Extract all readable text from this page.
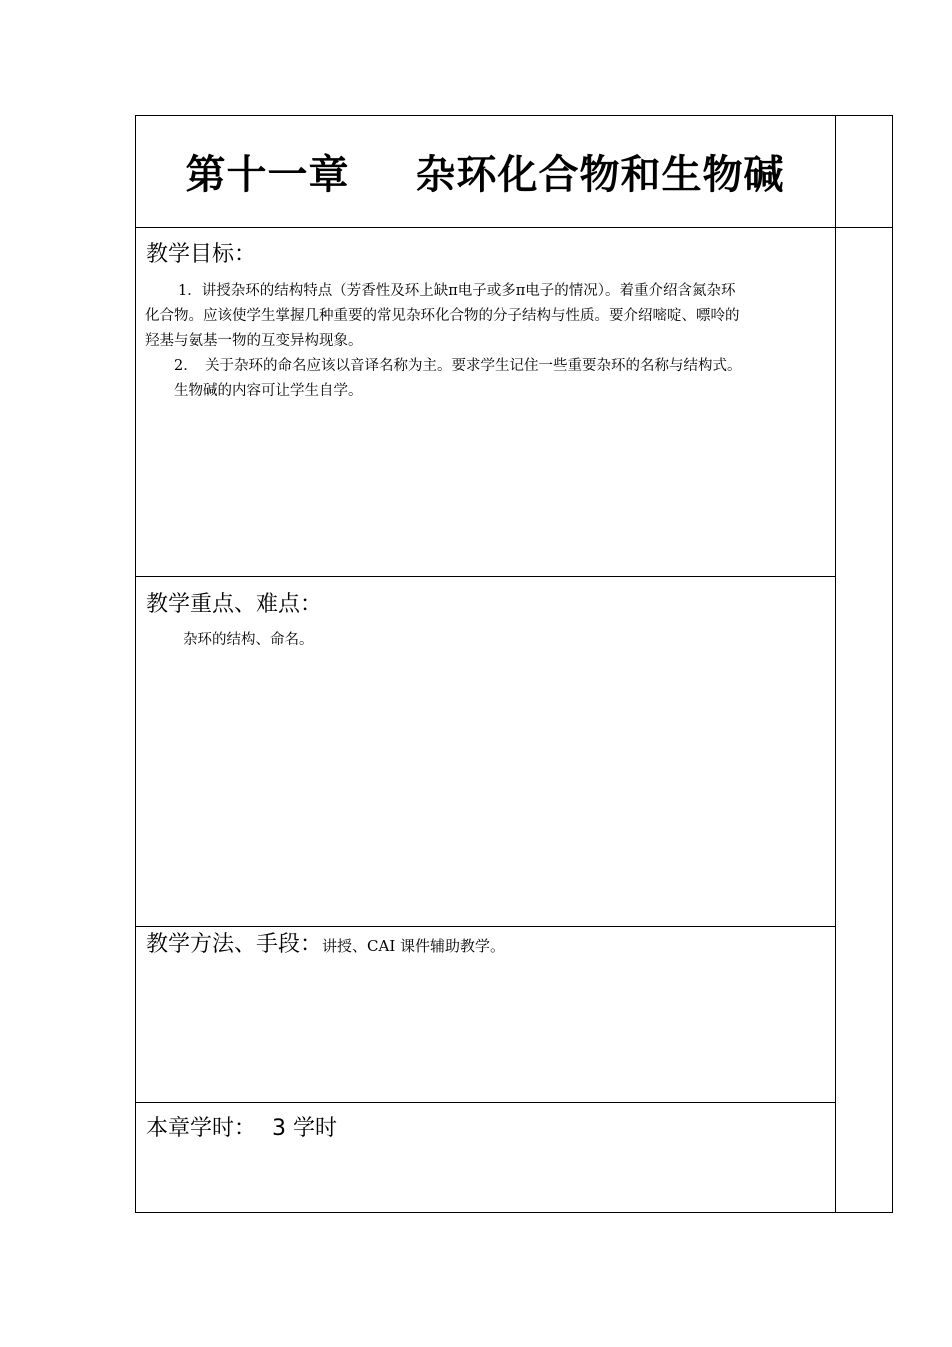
第十一章 杂环化合物和生物碱
教学目标：
1．讲授杂环的结构特点（芳香性及环上缺π电子或多π电子的情况）。着重介绍含氮杂环
化合物。应该使学生掌握几种重要的常见杂环化合物的分子结构与性质。要介绍嘧啶、嘌呤的
羟基与氨基一物的互变异构现象。
2．　关于杂环的命名应该以音译名称为主。要求学生记住一些重要杂环的名称与结构式。
生物碱的内容可让学生自学。
教学重点、难点：
杂环的结构、命名。
教学方法、手段：讲授、CAI 课件辅助教学。
本章学时： 3 学时
